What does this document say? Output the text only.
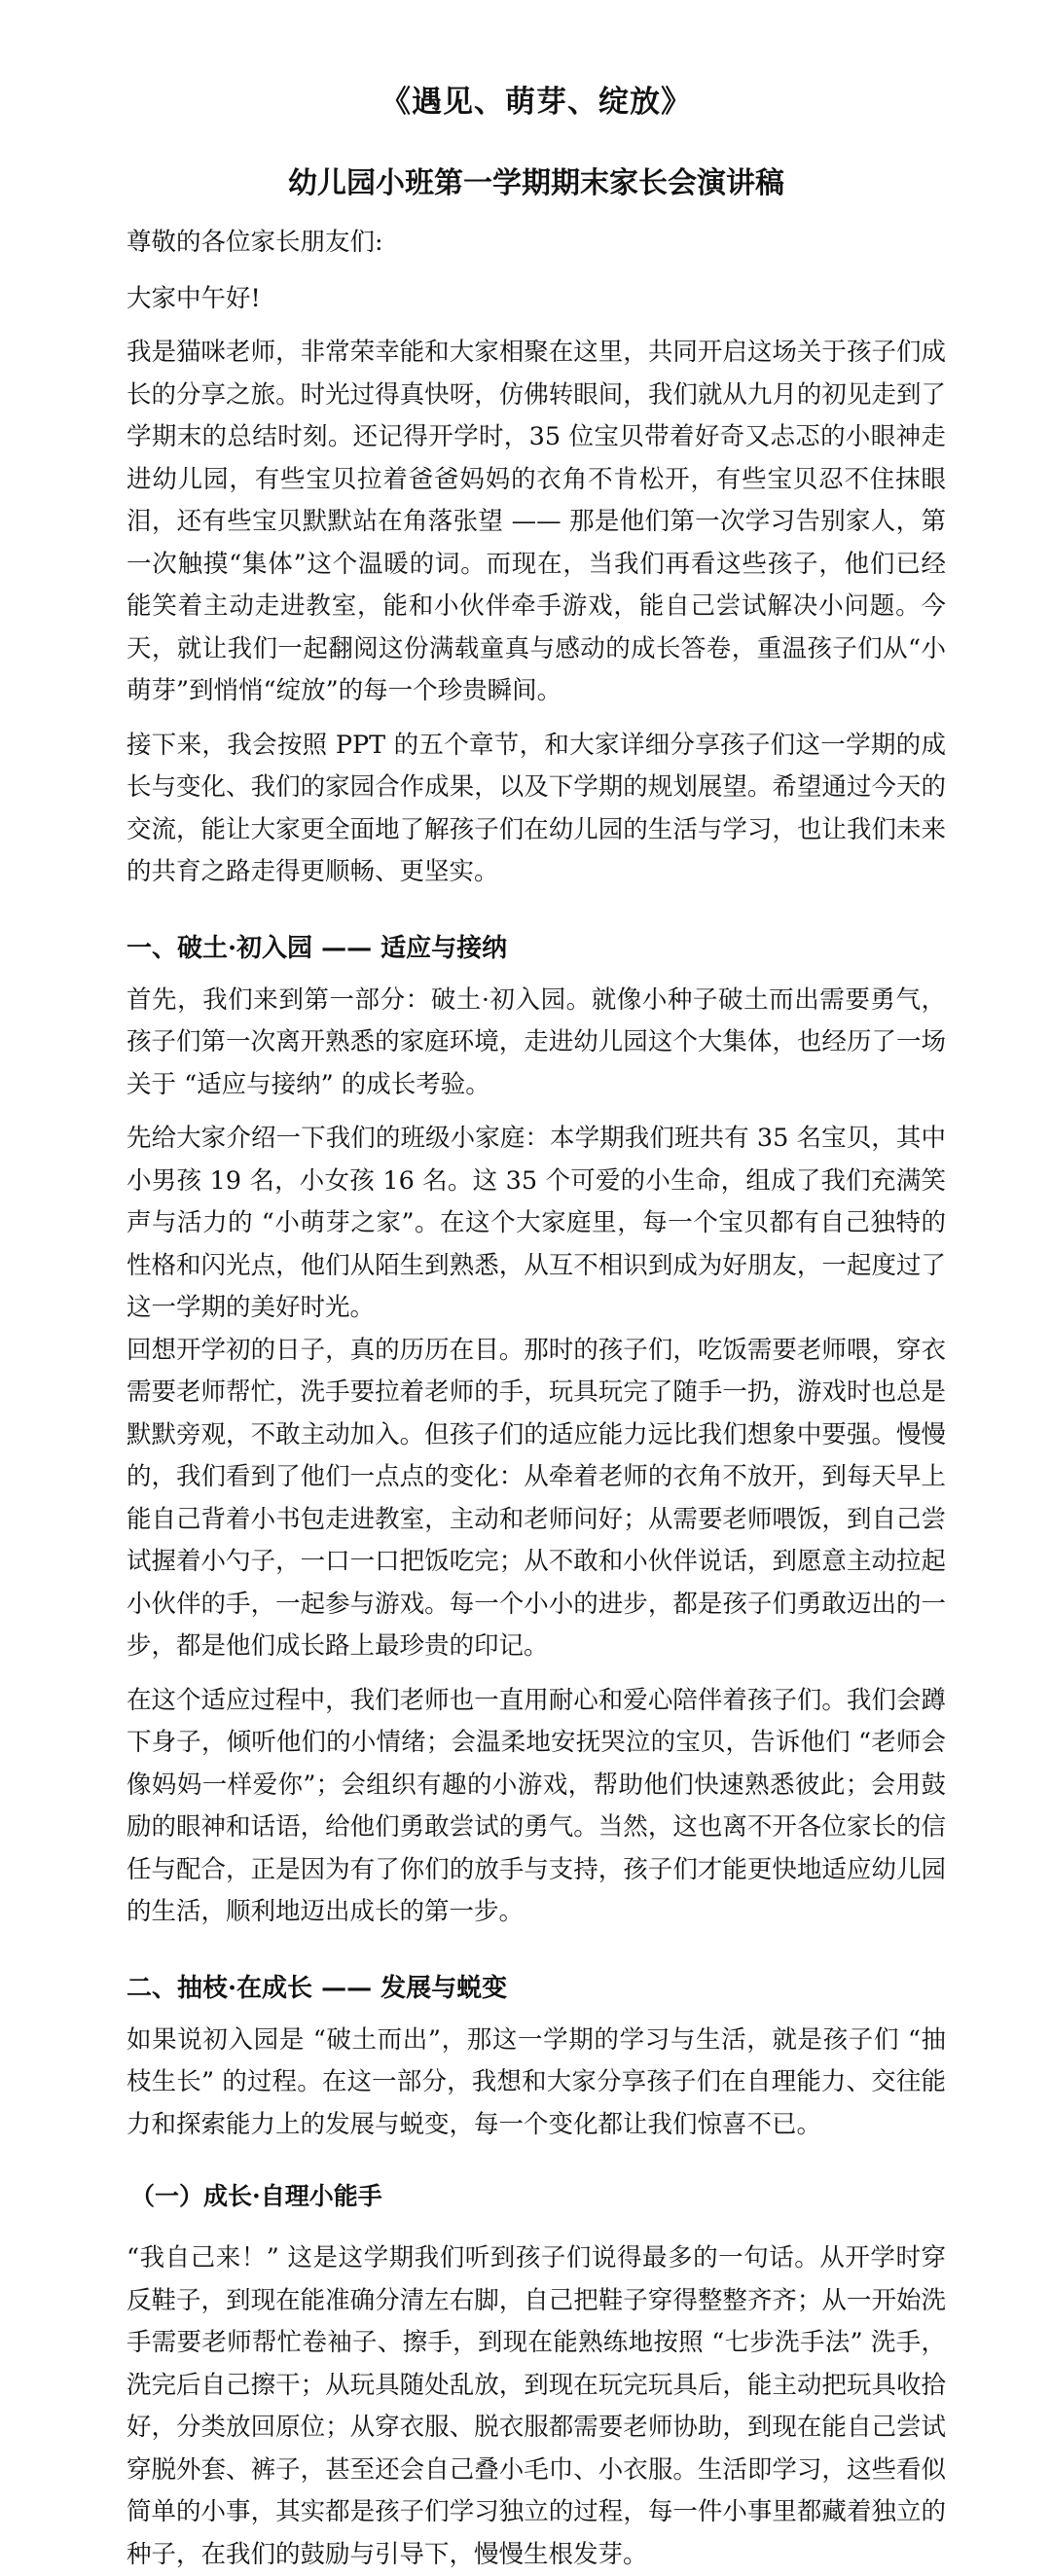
《遇见、萌芽、绽放》
幼儿园小班第一学期期末家长会演讲稿

尊敬的各位家长朋友们:

大家中午好!

我是猫咪老师，非常荣幸能和大家相聚在这里，共同开启这场关于孩子们成长的分享之旅。时光过得真快呀，仿佛转眼间，我们就从九月的初见走到了学期末的总结时刻。还记得开学时，35 位宝贝带着好奇又忐忑的小眼神走进幼儿园，有些宝贝拉着爸爸妈妈的衣角不肯松开，有些宝贝忍不住抹眼泪，还有些宝贝默默站在角落张望 —— 那是他们第一次学习告别家人，第一次触摸“集体”这个温暖的词。而现在，当我们再看这些孩子，他们已经能笑着主动走进教室，能和小伙伴牵手游戏，能自己尝试解决小问题。今天，就让我们一起翻阅这份满载童真与感动的成长答卷，重温孩子们从“小萌芽”到悄悄“绽放”的每一个珍贵瞬间。

接下来，我会按照 PPT 的五个章节，和大家详细分享孩子们这一学期的成长与变化、我们的家园合作成果，以及下学期的规划展望。希望通过今天的交流，能让大家更全面地了解孩子们在幼儿园的生活与学习，也让我们未来的共育之路走得更顺畅、更坚实。

一、破土·初入园 —— 适应与接纳

首先，我们来到第一部分：破土·初入园。就像小种子破土而出需要勇气，孩子们第一次离开熟悉的家庭环境，走进幼儿园这个大集体，也经历了一场关于 “适应与接纳” 的成长考验。

先给大家介绍一下我们的班级小家庭：本学期我们班共有 35 名宝贝，其中小男孩 19 名，小女孩 16 名。这 35 个可爱的小生命，组成了我们充满笑声与活力的 “小萌芽之家”。在这个大家庭里，每一个宝贝都有自己独特的性格和闪光点，他们从陌生到熟悉，从互不相识到成为好朋友，一起度过了这一学期的美好时光。

回想开学初的日子，真的历历在目。那时的孩子们，吃饭需要老师喂，穿衣需要老师帮忙，洗手要拉着老师的手，玩具玩完了随手一扔，游戏时也总是默默旁观，不敢主动加入。但孩子们的适应能力远比我们想象中要强。慢慢的，我们看到了他们一点点的变化：从牵着老师的衣角不放开，到每天早上能自己背着小书包走进教室，主动和老师问好；从需要老师喂饭，到自己尝试握着小勺子，一口一口把饭吃完；从不敢和小伙伴说话，到愿意主动拉起小伙伴的手，一起参与游戏。每一个小小的进步，都是孩子们勇敢迈出的一步，都是他们成长路上最珍贵的印记。

在这个适应过程中，我们老师也一直用耐心和爱心陪伴着孩子们。我们会蹲下身子，倾听他们的小情绪；会温柔地安抚哭泣的宝贝，告诉他们 “老师会像妈妈一样爱你”；会组织有趣的小游戏，帮助他们快速熟悉彼此；会用鼓励的眼神和话语，给他们勇敢尝试的勇气。当然，这也离不开各位家长的信任与配合，正是因为有了你们的放手与支持，孩子们才能更快地适应幼儿园的生活，顺利地迈出成长的第一步。

二、抽枝·在成长 —— 发展与蜕变

如果说初入园是 “破土而出”，那这一学期的学习与生活，就是孩子们 “抽枝生长” 的过程。在这一部分，我想和大家分享孩子们在自理能力、交往能力和探索能力上的发展与蜕变，每一个变化都让我们惊喜不已。

（一）成长·自理小能手

“我自己来！” 这是这学期我们听到孩子们说得最多的一句话。从开学时穿反鞋子，到现在能准确分清左右脚，自己把鞋子穿得整整齐齐；从一开始洗手需要老师帮忙卷袖子、擦手，到现在能熟练地按照 “七步洗手法” 洗手，洗完后自己擦干；从玩具随处乱放，到现在玩完玩具后，能主动把玩具收拾好，分类放回原位；从穿衣服、脱衣服都需要老师协助，到现在能自己尝试穿脱外套、裤子，甚至还会自己叠小毛巾、小衣服。生活即学习，这些看似简单的小事，其实都是孩子们学习独立的过程，每一件小事里都藏着独立的种子，在我们的鼓励与引导下，慢慢生根发芽。
